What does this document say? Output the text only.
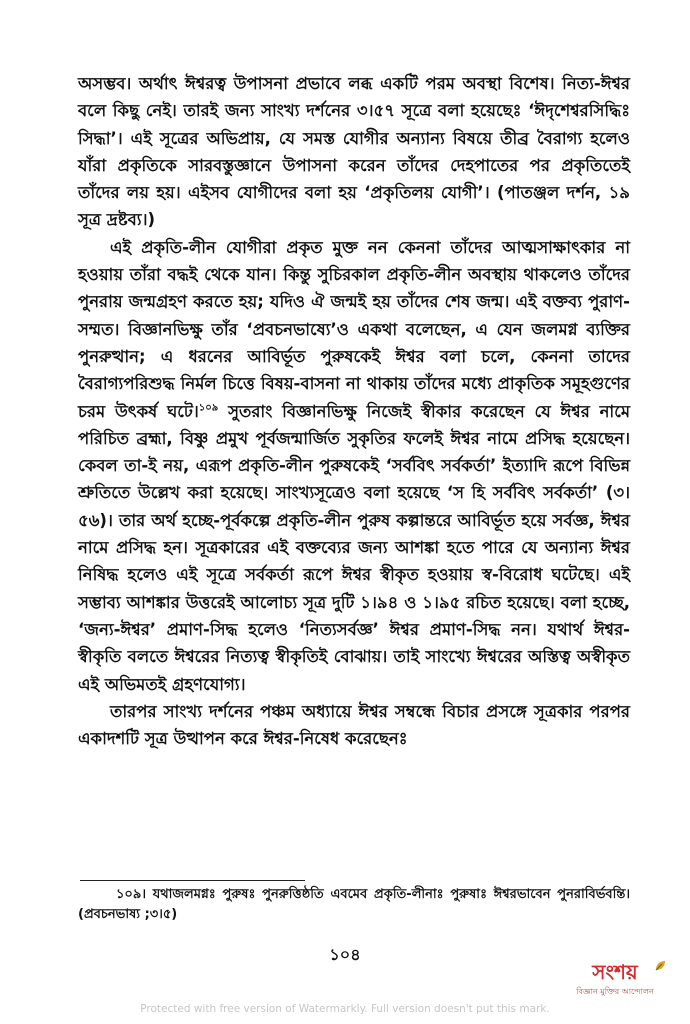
অসম্ভব। অর্থাৎ ঈশ্বরত্ব উপাসনা প্রভাবে লব্ধ একটি পরম অবস্থা বিশেষ। নিত্য-ঈশ্বর বলে কিছু নেই। তারই জন্য সাংখ্য দর্শনের ৩।৫৭ সূত্রে বলা হয়েছেঃ ‘ঈদৃশেশ্বরসিদ্ধিঃ সিদ্ধা’। এই সূত্রের অভিপ্রায়, যে সমস্ত যোগীর অন্যান্য বিষয়ে তীব্র বৈরাগ্য হলেও যাঁরা প্রকৃতিকে সারবস্তুজ্ঞানে উপাসনা করেন তাঁদের দেহপাতের পর প্রকৃতিতেই তাঁদের লয় হয়। এইসব যোগীদের বলা হয় ‘প্রকৃতিলয় যোগী’। (পাতঞ্জল দর্শন, ১৯ সূত্র দ্রষ্টব্য।)

এই প্রকৃতি-লীন যোগীরা প্রকৃত মুক্ত নন কেননা তাঁদের আত্মসাক্ষাৎকার না হওয়ায় তাঁরা বদ্ধই থেকে যান। কিন্তু সুচিরকাল প্রকৃতি-লীন অবস্থায় থাকলেও তাঁদের পুনরায় জন্মগ্রহণ করতে হয়; যদিও ঐ জন্মই হয় তাঁদের শেষ জন্ম। এই বক্তব্য পুরাণ-সম্মত। বিজ্ঞানভিক্ষু তাঁর ‘প্রবচনভাষ্যে’ও একথা বলেছেন, এ যেন জলমগ্ন ব্যক্তির পুনরুত্থান; এ ধরনের আবির্ভূত পুরুষকেই ঈশ্বর বলা চলে, কেননা তাদের বৈরাগ্যপরিশুদ্ধ নির্মল চিত্তে বিষয়-বাসনা না থাকায় তাঁদের মধ্যে প্রাকৃতিক সমূহগুণের চরম উৎকর্ষ ঘটে।$^{১০৯}$ সুতরাং বিজ্ঞানভিক্ষু নিজেই স্বীকার করেছেন যে ঈশ্বর নামে পরিচিত ব্রহ্মা, বিষ্ণু প্রমুখ পূর্বজন্মার্জিত সুকৃতির ফলেই ঈশ্বর নামে প্রসিদ্ধ হয়েছেন। কেবল তা-ই নয়, এরূপ প্রকৃতি-লীন পুরুষকেই ‘সর্ববিৎ সর্বকর্তা’ ইত্যাদি রূপে বিভিন্ন শ্রুতিতে উল্লেখ করা হয়েছে। সাংখ্যসূত্রেও বলা হয়েছে ‘স হি সর্ববিৎ সর্বকর্তা’ (৩।৫৬)। তার অর্থ হচ্ছে-পূর্বকল্পে প্রকৃতি-লীন পুরুষ কল্পান্তরে আবির্ভূত হয়ে সর্বজ্ঞ, ঈশ্বর নামে প্রসিদ্ধ হন। সূত্রকারের এই বক্তব্যের জন্য আশঙ্কা হতে পারে যে অন্যান্য ঈশ্বর নিষিদ্ধ হলেও এই সূত্রে সর্বকর্তা রূপে ঈশ্বর স্বীকৃত হওয়ায় স্ব-বিরোধ ঘটেছে। এই সম্ভাব্য আশঙ্কার উত্তরেই আলোচ্য সূত্র দুটি ১।৯৪ ও ১।৯৫ রচিত হয়েছে। বলা হচ্ছে, ‘জন্য-ঈশ্বর’ প্রমাণ-সিদ্ধ হলেও ‘নিত্যসর্বজ্ঞ’ ঈশ্বর প্রমাণ-সিদ্ধ নন। যথার্থ ঈশ্বর-স্বীকৃতি বলতে ঈশ্বরের নিত্যত্ব স্বীকৃতিই বোঝায়। তাই সাংখ্যে ঈশ্বরের অস্তিত্ব অস্বীকৃত এই অভিমতই গ্রহণযোগ্য।

তারপর সাংখ্য দর্শনের পঞ্চম অধ্যায়ে ঈশ্বর সম্বন্ধে বিচার প্রসঙ্গে সূত্রকার পরপর একাদশটি সূত্র উত্থাপন করে ঈশ্বর-নিষেধ করেছেনঃ

১০৯। যথাজলমগ্নঃ পুরুষঃ পুনরুত্তিষ্ঠতি এবমেব প্রকৃতি-লীনাঃ পুরুষাঃ ঈশ্বরভাবেন পুনরাবির্ভবন্তি। (প্রবচনভাষ্য ;৩।৫)

১০৪
সংশয়
বিজ্ঞান মুক্তির আন্দোলন
Protected with free version of Watermarkly. Full version doesn't put this mark.
